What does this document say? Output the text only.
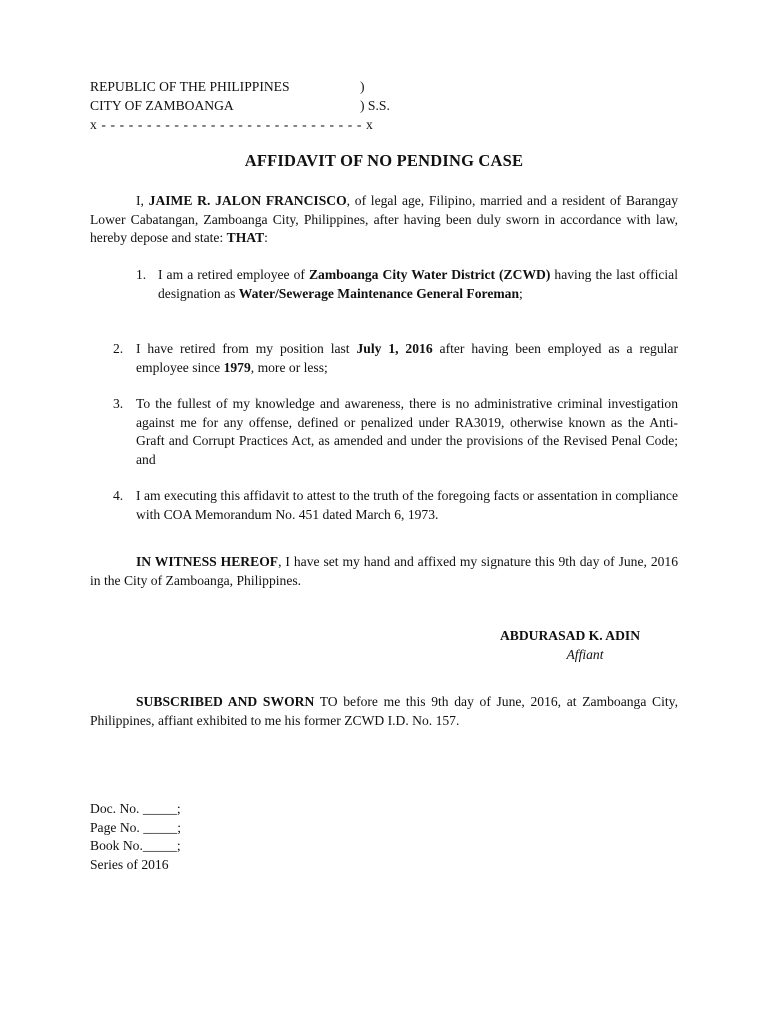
REPUBLIC OF THE PHILIPPINES	)
CITY OF ZAMBOANGA	) S.S.
x - - - - - - - - - - - - - - - - - - - - - - - - - - - - - x
AFFIDAVIT OF NO PENDING CASE
I, JAIME R. JALON FRANCISCO, of legal age, Filipino, married and a resident of Barangay Lower Cabatangan, Zamboanga City, Philippines, after having been duly sworn in accordance with law, hereby depose and state: THAT:
1. I am a retired employee of Zamboanga City Water District (ZCWD) having the last official designation as Water/Sewerage Maintenance General Foreman;
2. I have retired from my position last July 1, 2016 after having been employed as a regular employee since 1979, more or less;
3. To the fullest of my knowledge and awareness, there is no administrative criminal investigation against me for any offense, defined or penalized under RA3019, otherwise known as the Anti- Graft and Corrupt Practices Act, as amended and under the provisions of the Revised Penal Code; and
4. I am executing this affidavit to attest to the truth of the foregoing facts or assentation in compliance with COA Memorandum No. 451 dated March 6, 1973.
IN WITNESS HEREOF, I have set my hand and affixed my signature this 9th day of June, 2016 in the City of Zamboanga, Philippines.
ABDURASAD K. ADIN
Affiant
SUBSCRIBED AND SWORN TO before me this 9th day of June, 2016, at Zamboanga City, Philippines, affiant exhibited to me his former ZCWD I.D. No. 157.
Doc. No. _____;
Page No. _____;
Book No._____;
Series of 2016
